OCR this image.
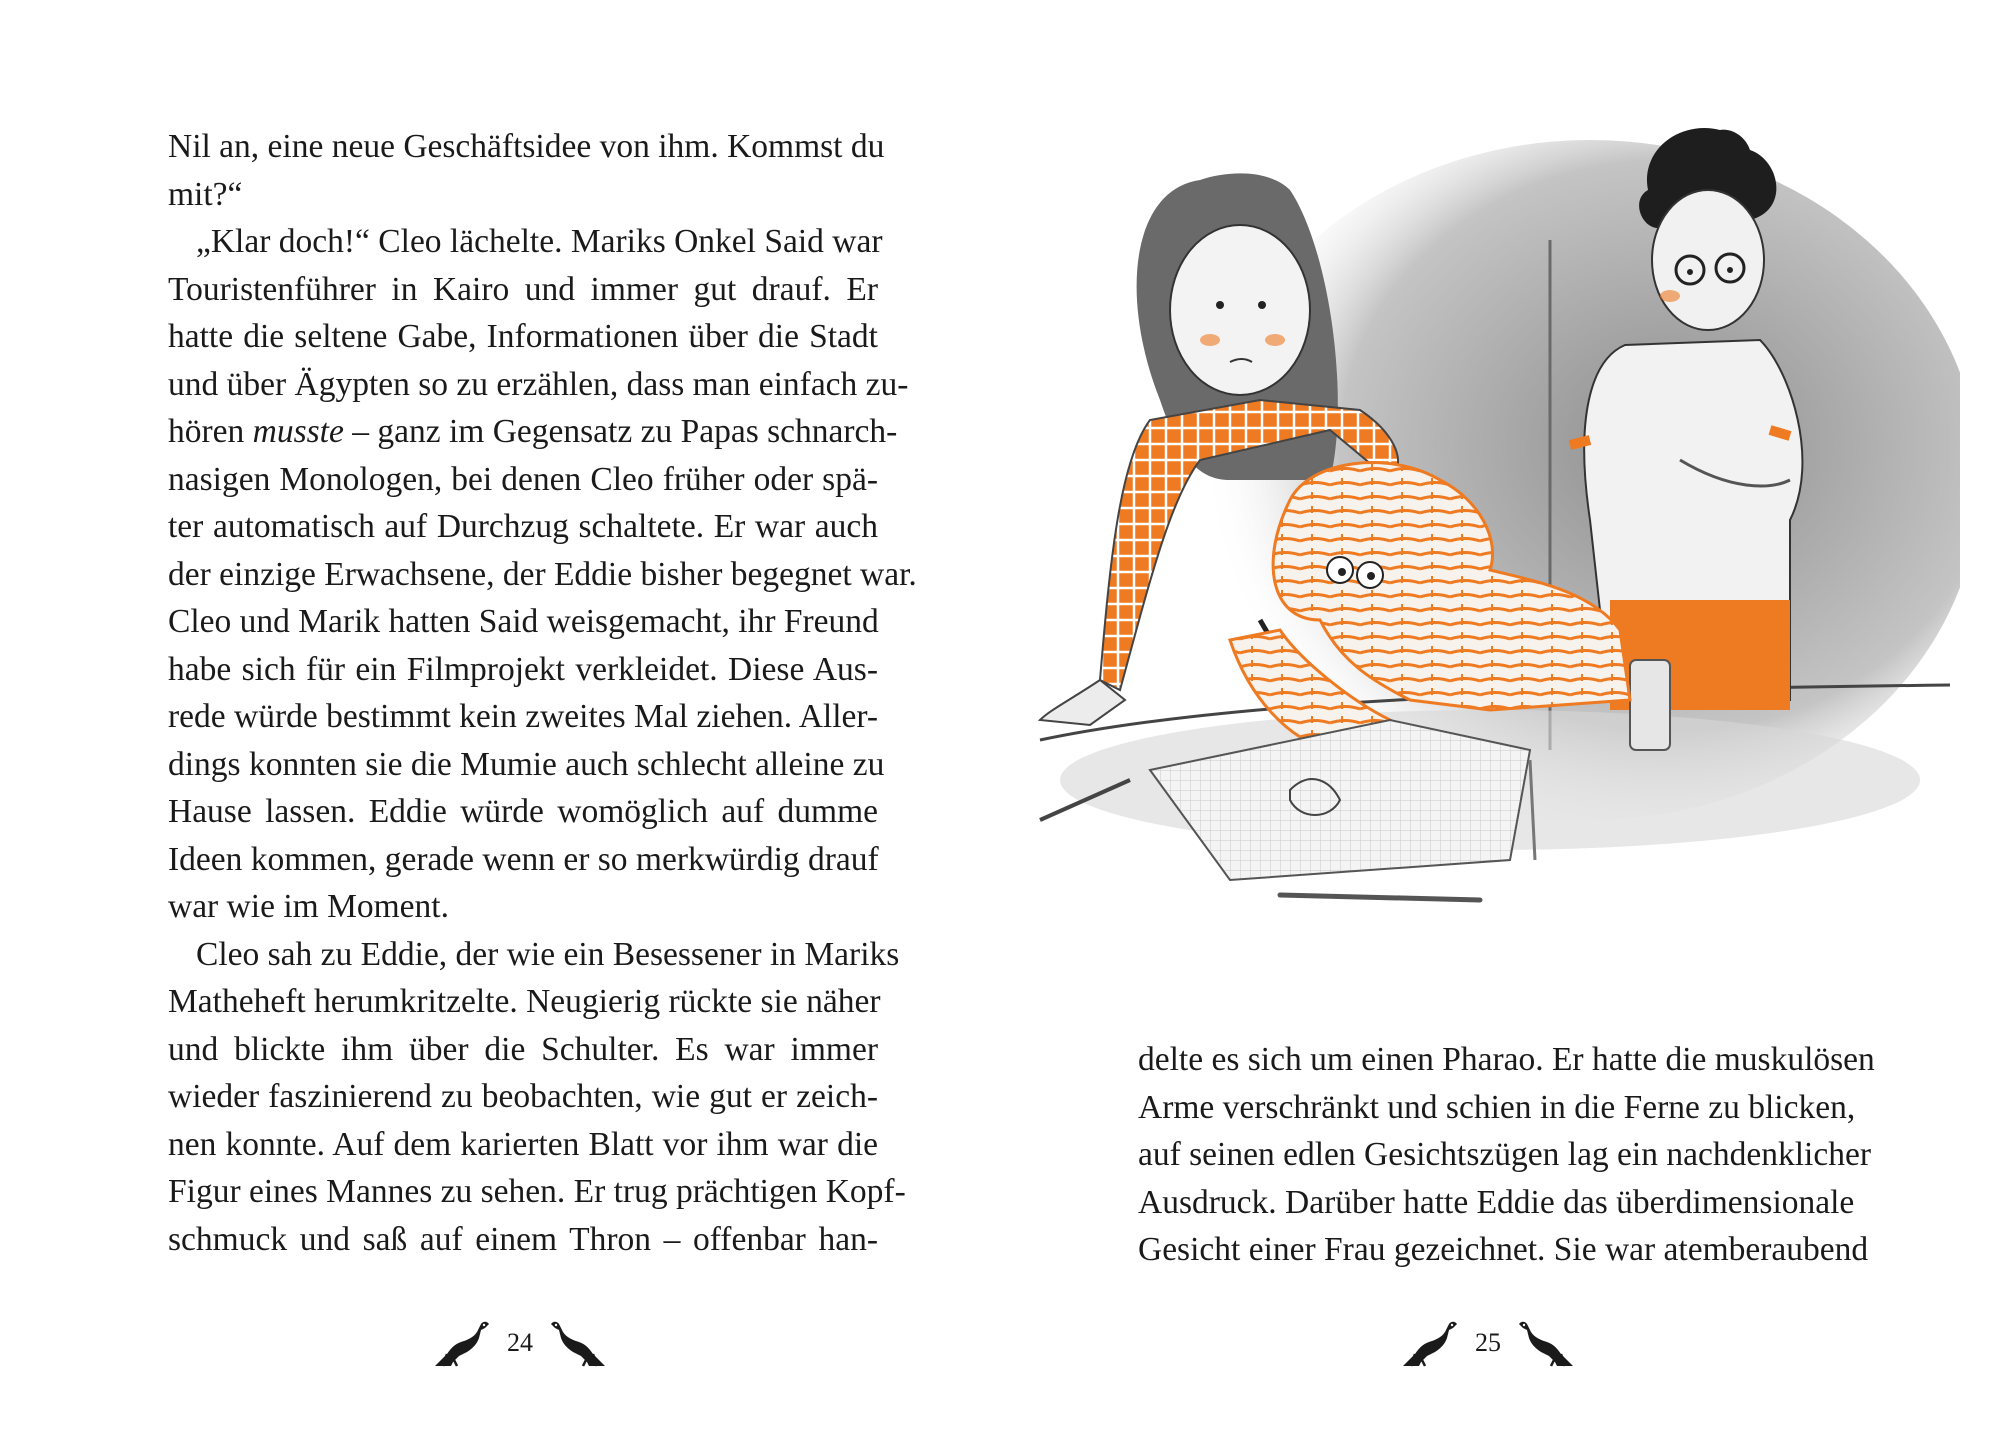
Nil an, eine neue Geschäftsidee von ihm. Kommst du
mit?“
„Klar doch!“ Cleo lächelte. Mariks Onkel Said war
Touristenführer in Kairo und immer gut drauf. Er
hatte die seltene Gabe, Informationen über die Stadt
und über Ägypten so zu erzählen, dass man einfach zu-
hören musste – ganz im Gegensatz zu Papas schnarch-
nasigen Monologen, bei denen Cleo früher oder spä-
ter automatisch auf Durchzug schaltete. Er war auch
der einzige Erwachsene, der Eddie bisher begegnet war.
Cleo und Marik hatten Said weisgemacht, ihr Freund
habe sich für ein Filmprojekt verkleidet. Diese Aus-
rede würde bestimmt kein zweites Mal ziehen. Aller-
dings konnten sie die Mumie auch schlecht alleine zu
Hause lassen. Eddie würde womöglich auf dumme
Ideen kommen, gerade wenn er so merkwürdig drauf
war wie im Moment.
Cleo sah zu Eddie, der wie ein Besessener in Mariks
Matheheft herumkritzelte. Neugierig rückte sie näher
und blickte ihm über die Schulter. Es war immer
wieder faszinierend zu beobachten, wie gut er zeich-
nen konnte. Auf dem karierten Blatt vor ihm war die
Figur eines Mannes zu sehen. Er trug prächtigen Kopf-
schmuck und saß auf einem Thron – offenbar han-
24
delte es sich um einen Pharao. Er hatte die muskulösen
Arme verschränkt und schien in die Ferne zu blicken,
auf seinen edlen Gesichtszügen lag ein nachdenklicher
Ausdruck. Darüber hatte Eddie das überdimensionale
Gesicht einer Frau gezeichnet. Sie war atemberaubend
25
